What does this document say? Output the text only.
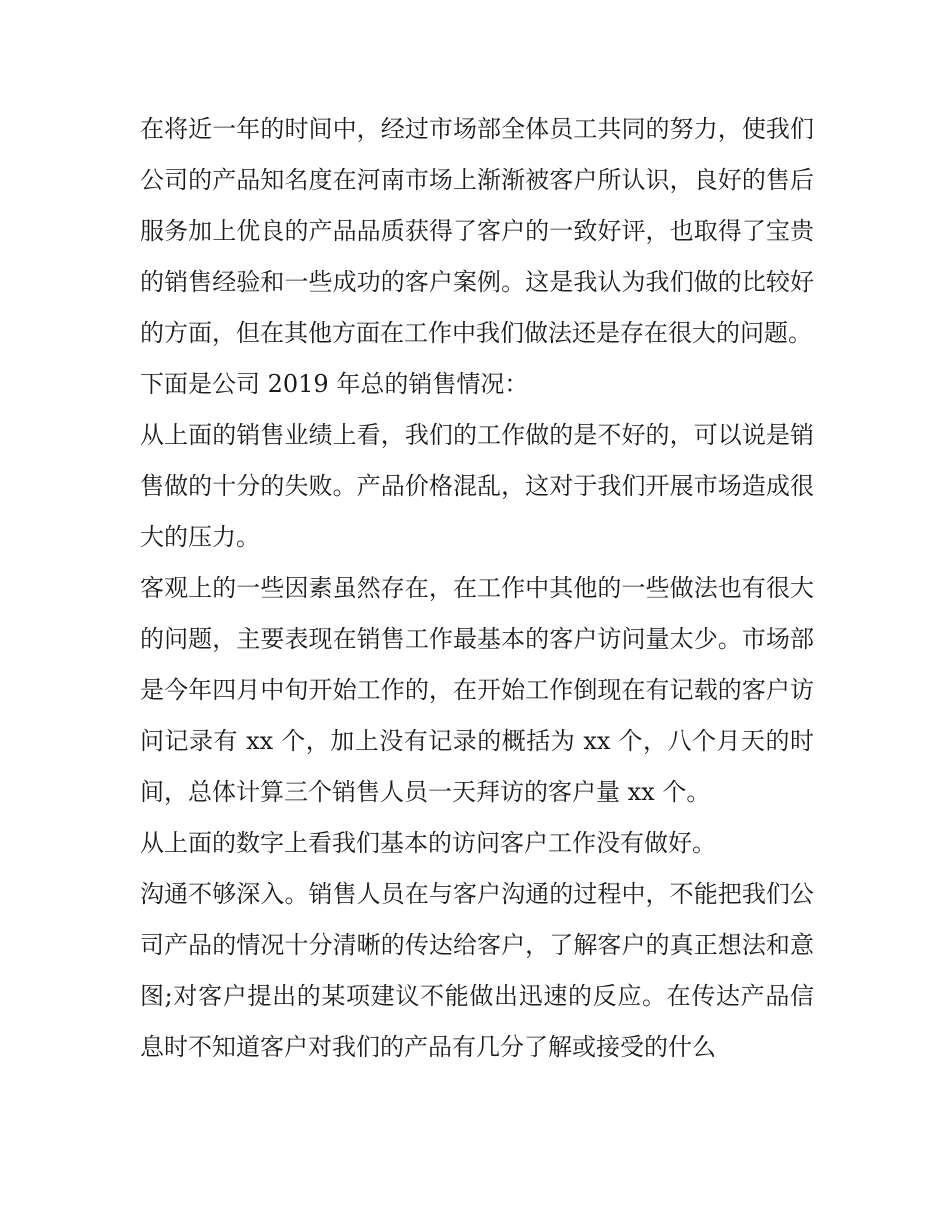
在将近一年的时间中，经过市场部全体员工共同的努力，使我们公司的产品知名度在河南市场上渐渐被客户所认识，良好的售后服务加上优良的产品品质获得了客户的一致好评，也取得了宝贵的销售经验和一些成功的客户案例。这是我认为我们做的比较好的方面，但在其他方面在工作中我们做法还是存在很大的问题。

下面是公司 2019 年总的销售情况：

从上面的销售业绩上看，我们的工作做的是不好的，可以说是销售做的十分的失败。产品价格混乱，这对于我们开展市场造成很大的压力。

客观上的一些因素虽然存在，在工作中其他的一些做法也有很大的问题，主要表现在销售工作最基本的客户访问量太少。市场部是今年四月中旬开始工作的，在开始工作倒现在有记载的客户访问记录有 xx 个，加上没有记录的概括为 xx 个，八个月天的时间，总体计算三个销售人员一天拜访的客户量 xx 个。

从上面的数字上看我们基本的访问客户工作没有做好。

沟通不够深入。销售人员在与客户沟通的过程中，不能把我们公司产品的情况十分清晰的传达给客户，了解客户的真正想法和意图;对客户提出的某项建议不能做出迅速的反应。在传达产品信息时不知道客户对我们的产品有几分了解或接受的什么
